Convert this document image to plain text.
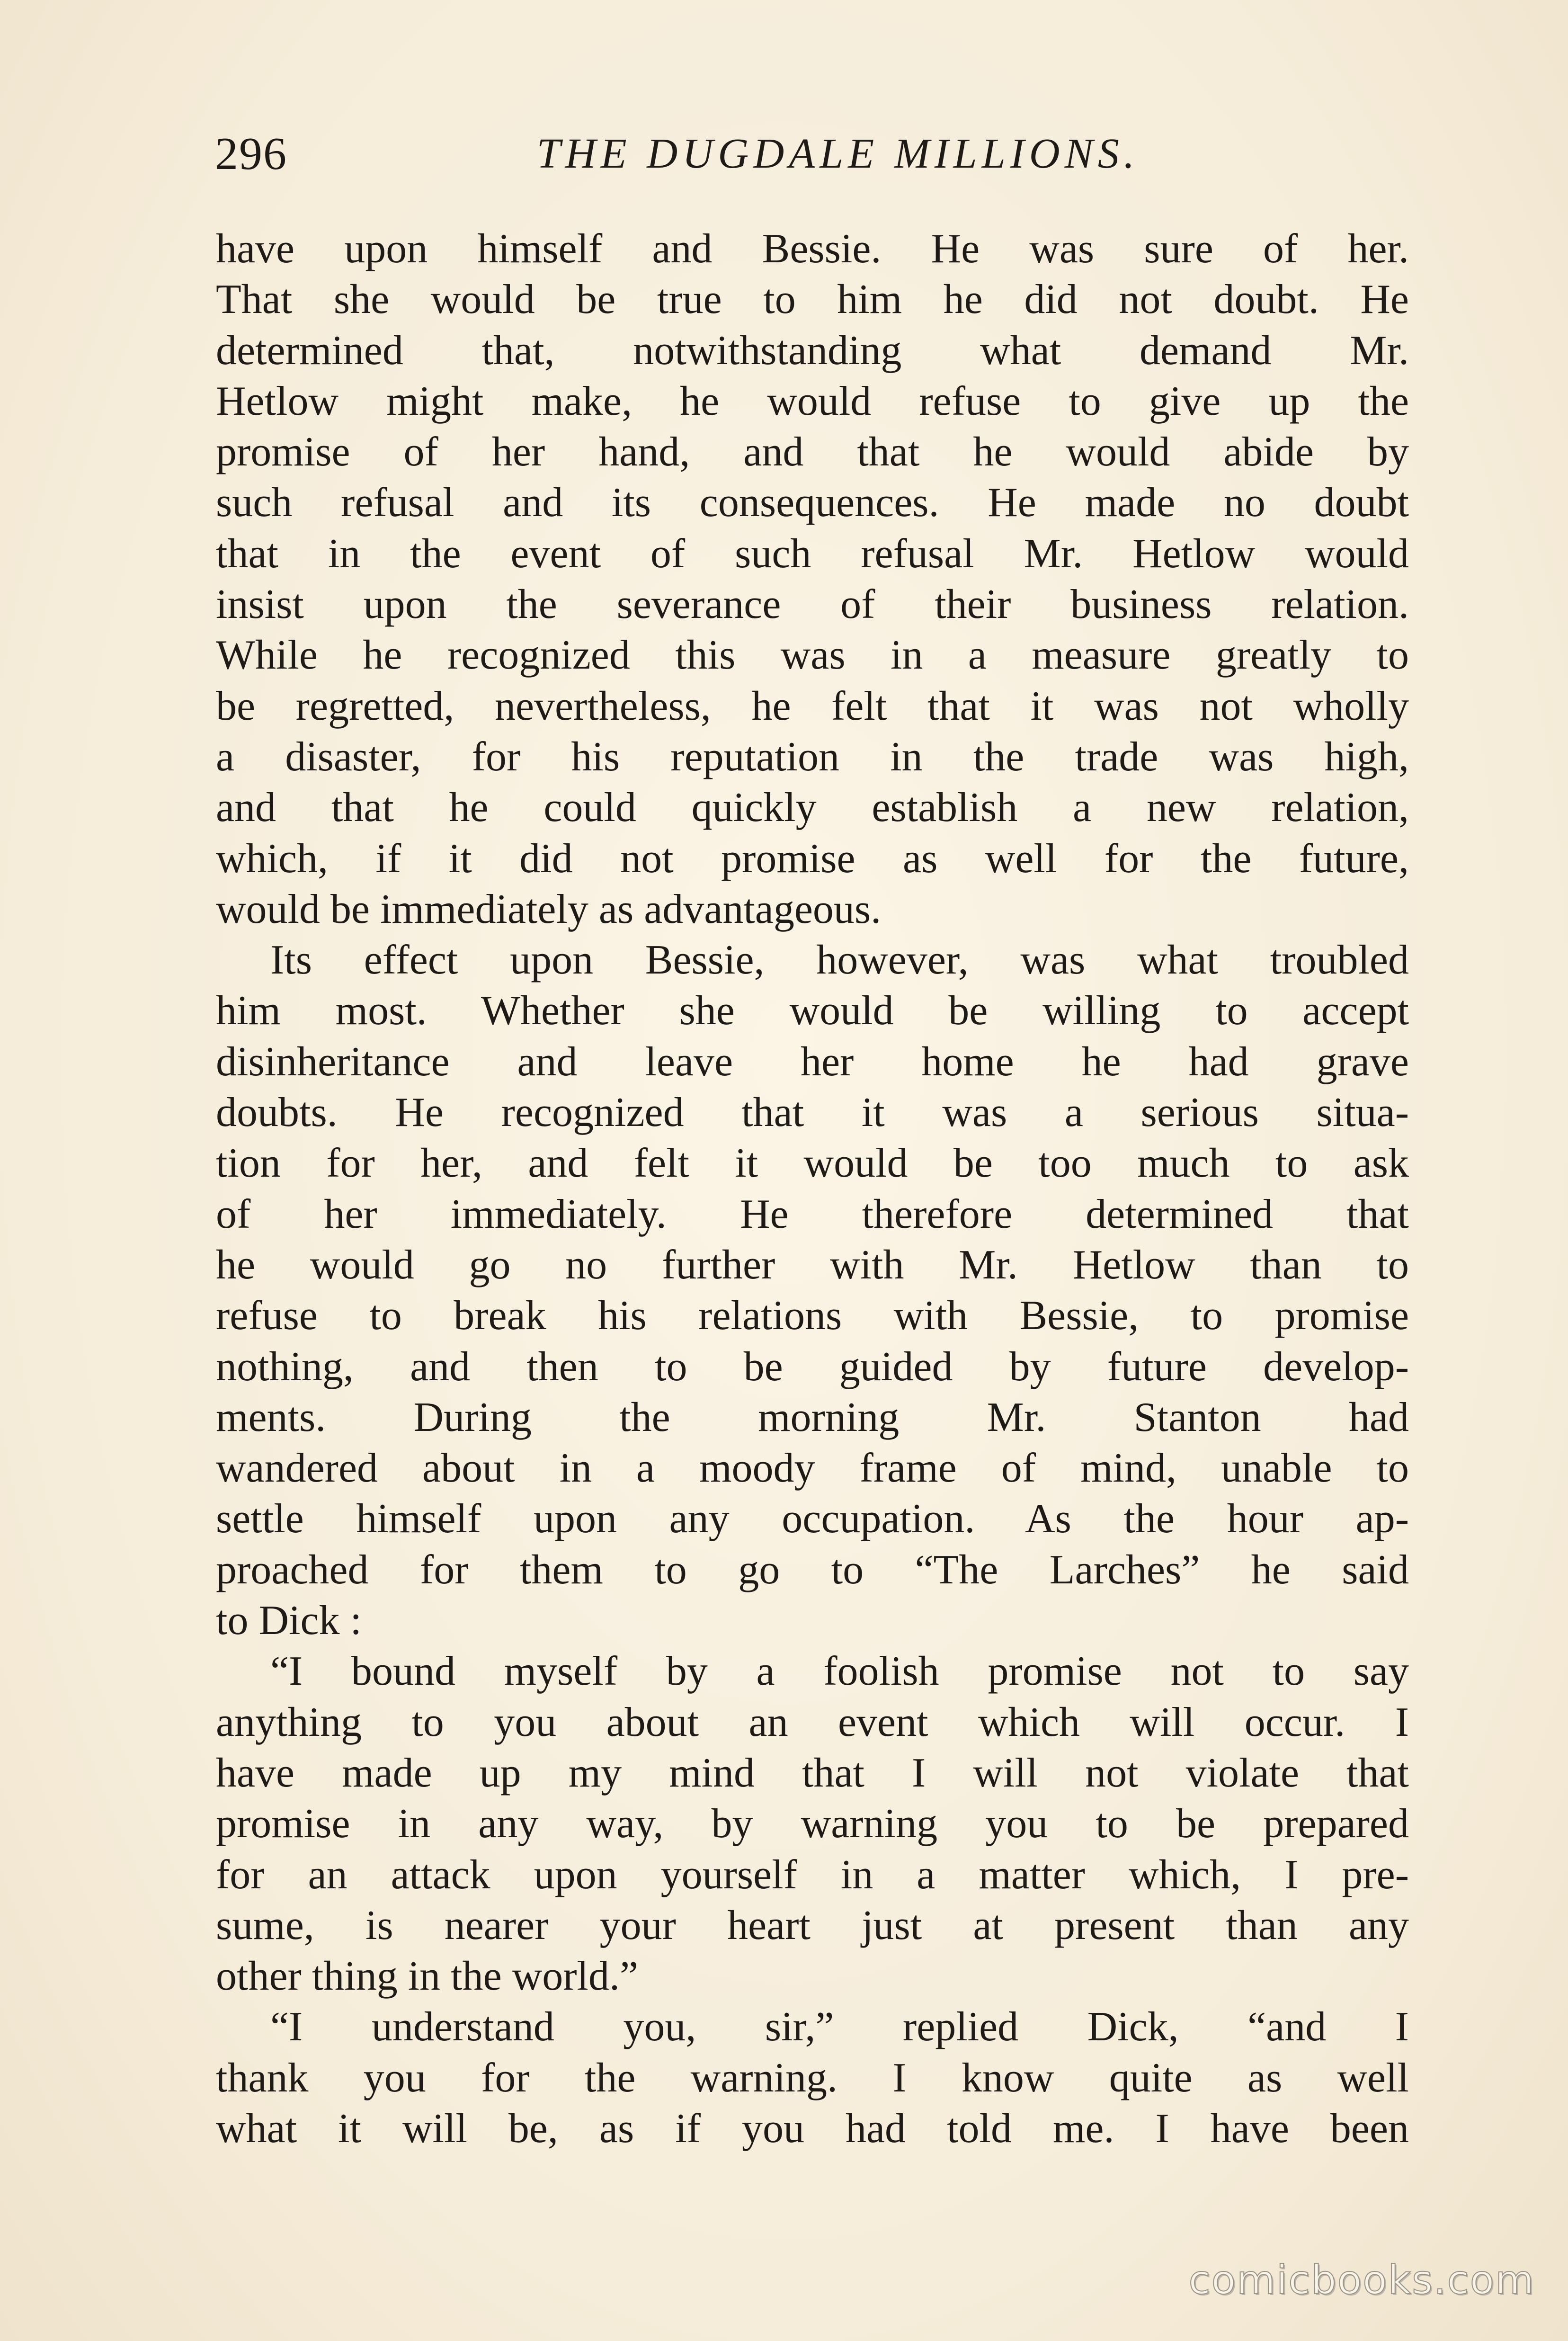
296	THE DUGDALE MILLIONS.
have upon himself and Bessie. He was sure of her.
That she would be true to him he did not doubt. He
determined that, notwithstanding what demand Mr.
Hetlow might make, he would refuse to give up the
promise of her hand, and that he would abide by
such refusal and its consequences. He made no doubt
that in the event of such refusal Mr. Hetlow would
insist upon the severance of their business relation.
While he recognized this was in a measure greatly to
be regretted, nevertheless, he felt that it was not wholly
a disaster, for his reputation in the trade was high,
and that he could quickly establish a new relation,
which, if it did not promise as well for the future,
would be immediately as advantageous.
Its effect upon Bessie, however, was what troubled
him most. Whether she would be willing to accept
disinheritance and leave her home he had grave
doubts. He recognized that it was a serious situa-
tion for her, and felt it would be too much to ask
of her immediately. He therefore determined that
he would go no further with Mr. Hetlow than to
refuse to break his relations with Bessie, to promise
nothing, and then to be guided by future develop-
ments. During the morning Mr. Stanton had
wandered about in a moody frame of mind, unable to
settle himself upon any occupation. As the hour ap-
proached for them to go to “The Larches” he said
to Dick :
“I bound myself by a foolish promise not to say
anything to you about an event which will occur. I
have made up my mind that I will not violate that
promise in any way, by warning you to be prepared
for an attack upon yourself in a matter which, I pre-
sume, is nearer your heart just at present than any
other thing in the world.”
“I understand you, sir,” replied Dick, “and I
thank you for the warning. I know quite as well
what it will be, as if you had told me. I have been
comicbooks.com
